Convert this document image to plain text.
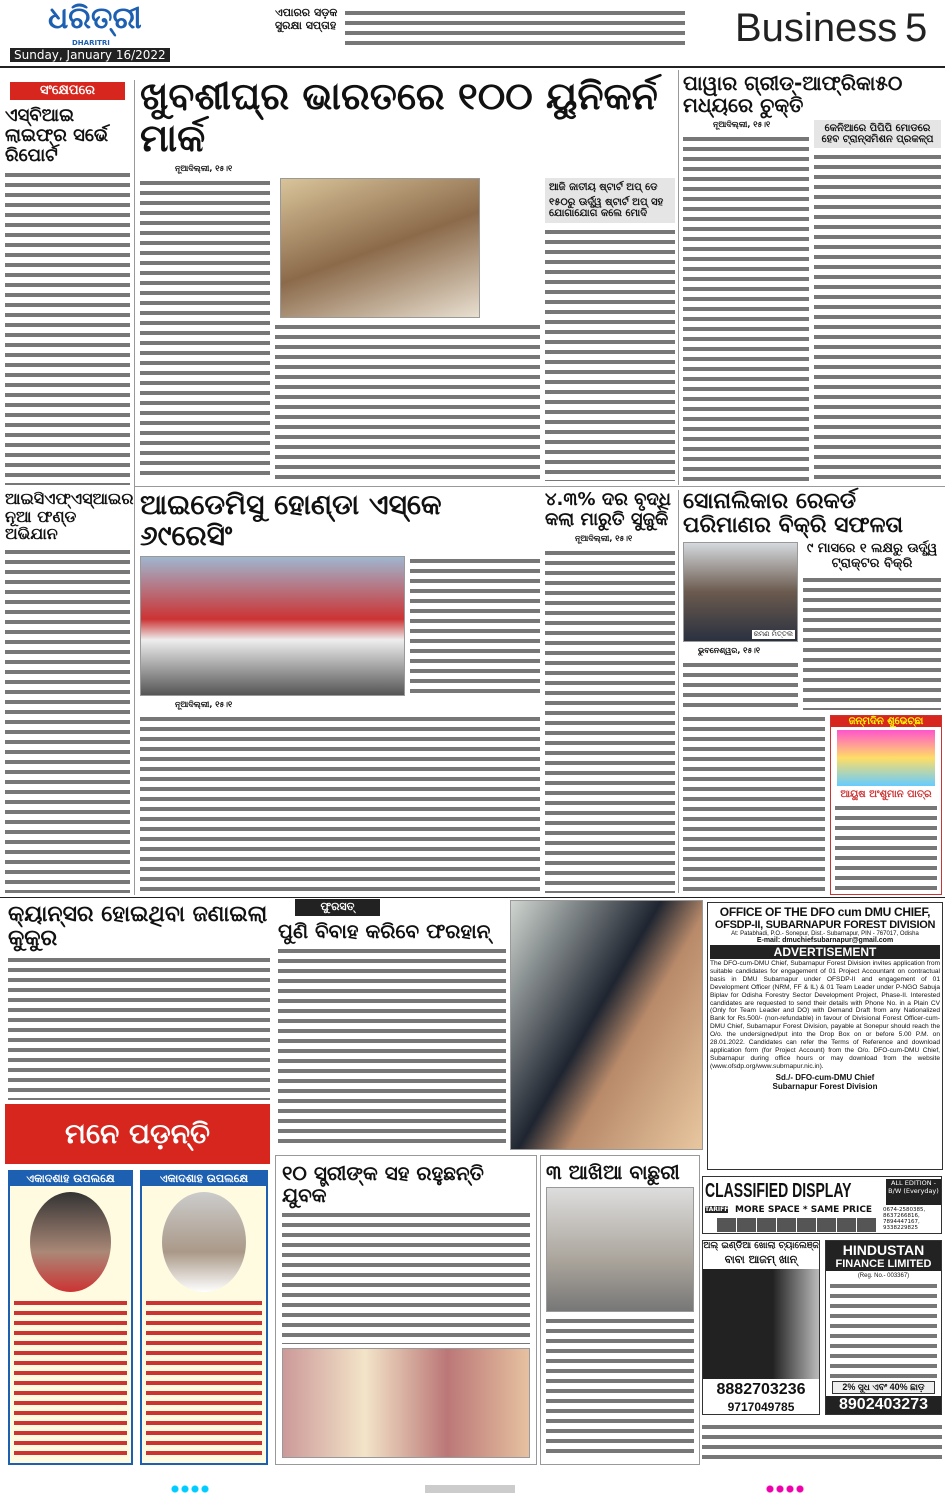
ଧରିତ୍ରୀ
DHARITRI
Sunday, January 16/2022
ଏପାରର ସଡ଼କ ସୁରକ୍ଷା ସପ୍ତାହ	Business 5
ସଂକ୍ଷେପରେ
ଏସ୍‌ବିଆଇ ଲାଇଫ୍‌ର ସର୍ଭେ ରିପୋର୍ଟ
ଆଇସିଏଫ୍‌ଏସ୍‌ଆଇର ନୂଆ ଫଣ୍ଡ ଅଭିଯାନ
ଖୁବଶୀଘ୍ର ଭାରତରେ ୧୦୦ ୟୁନିକର୍ନ ମାର୍କ
ନୂଆଦିଲ୍ଲୀ, ୧୫।୧
ଆଜି ଜାତୀୟ ଷ୍ଟାର୍ଟ ଅପ୍‌ ଡେ
୧୫୦ରୁ ଊର୍ଦ୍ଧ୍ୱ ଷ୍ଟାର୍ଟ ଅପ୍‌ ସହ ଯୋଗାଯୋଗ କଲେ ମୋଦି
ପାୱାର ଗ୍ରୀଡ୍‌-ଆଫ୍ରିକା୫୦ ମଧ୍ୟରେ ଚୁକ୍ତି
ନୂଆଦିଲ୍ଲୀ, ୧୫।୧	କେନିଆରେ ପିପିପି ମୋଡରେ ହେବ ଟ୍ରାନ୍ସମିଶନ ପ୍ରକଳ୍ପ
ଆଇଡେମିସୁ ହୋଣ୍ଡା ଏସ୍‌କେ ୬୯ରେସିଂ
ନୂଆଦିଲ୍ଲୀ, ୧୫।୧
୪.୩% ଦର ବୃଦ୍ଧି କଲା ମାରୁତି ସୁଜୁକି
ନୂଆଦିଲ୍ଲୀ, ୧୫।୧
ସୋନାଲିକାର ରେକର୍ଡ ପରିମାଣର ବିକ୍ରି ସଫଳତା
ରମଣ ମିତ୍ତଲ
ଭୁବନେଶ୍ୱର, ୧୫।୧
୯ ମାସରେ ୧ ଲକ୍ଷରୁ ଊର୍ଦ୍ଧ୍ୱ ଟ୍ରାକ୍ଟର ବିକ୍ରି
ଜନ୍ମଦିନ ଶୁଭେଚ୍ଛା
ଆୟୁଷ ଅଂଶୁମାନ ପାତ୍ର
କ୍ୟାନ୍ସର ହୋଇଥିବା ଜଣାଇଲା କୁକୁର
ଫୁରସତ୍‌
ପୁଣି ବିବାହ କରିବେ ଫରହାନ୍‌
OFFICE OF THE DFO cum DMU CHIEF,
OFSDP-II, SUBARNAPUR FOREST DIVISION
At: Patabhadi, P.O.- Sonepur, Dist.- Subarnapur, PIN - 767017, Odisha
E-mail: dmuchiefsubarnapur@gmail.com
ADVERTISEMENT
The DFO-cum-DMU Chief, Subarnapur Forest Division invites application from suitable candidates for engagement of 01 Project Accountant on contractual basis in DMU Subarnapur under OFSDP-II and engagement of 01 Development Officer (NRM, FF & IL) & 01 Team Leader under P-NGO Sabuja Biplav for Odisha Forestry Sector Development Project, Phase-II. Interested candidates are requested to send their details with Phone No. in a Plain CV (Only for Team Leader and DO) with Demand Draft from any Nationalized Bank for Rs.500/- (non-refundable) in favour of Divisional Forest Officer-cum-DMU Chief, Subarnapur Forest Division, payable at Sonepur should reach the O/o. the undersigned/put into the Drop Box on or before 5.00 P.M. on 28.01.2022. Candidates can refer the Terms of Reference and download application form (for Project Account) from the O/o. DFO-cum-DMU Chief, Subarnapur during office hours or may download from the website (www.ofsdp.org/www.subrnapur.nic.in).
Sd./- DFO-cum-DMU Chief
Subarnapur Forest Division
ମନେ ପଡ଼ନ୍ତି
ଏକାଦଶାହ ଉପଲକ୍ଷେ	ଏକାଦଶାହ ଉପଲକ୍ଷେ	୧୦ ସ୍ତ୍ରୀଙ୍କ ସହ ରହୁଛନ୍ତି ଯୁବକ
୩ ଆଖିଆ ବାଛୁରୀ
CLASSIFIED DISPLAY	ALL EDITION - B/W (Everyday)
TARIFF MORE SPACE * SAME PRICE 0674-2580385, 8637266816, 7894447167, 9338229825
ଅଲ୍ ଇଣ୍ଡିଆ ଖୋଲା ଚ୍ୟାଲେଞ୍ଜ
ବାବା ଆଜମ୍ ଖାନ୍
8882703236
9717049785
HINDUSTAN
FINANCE LIMITED
(Reg. No.- 003367)
2% ସୁଧ ଏବଂ 40% ଛାଡ଼
8902403273
